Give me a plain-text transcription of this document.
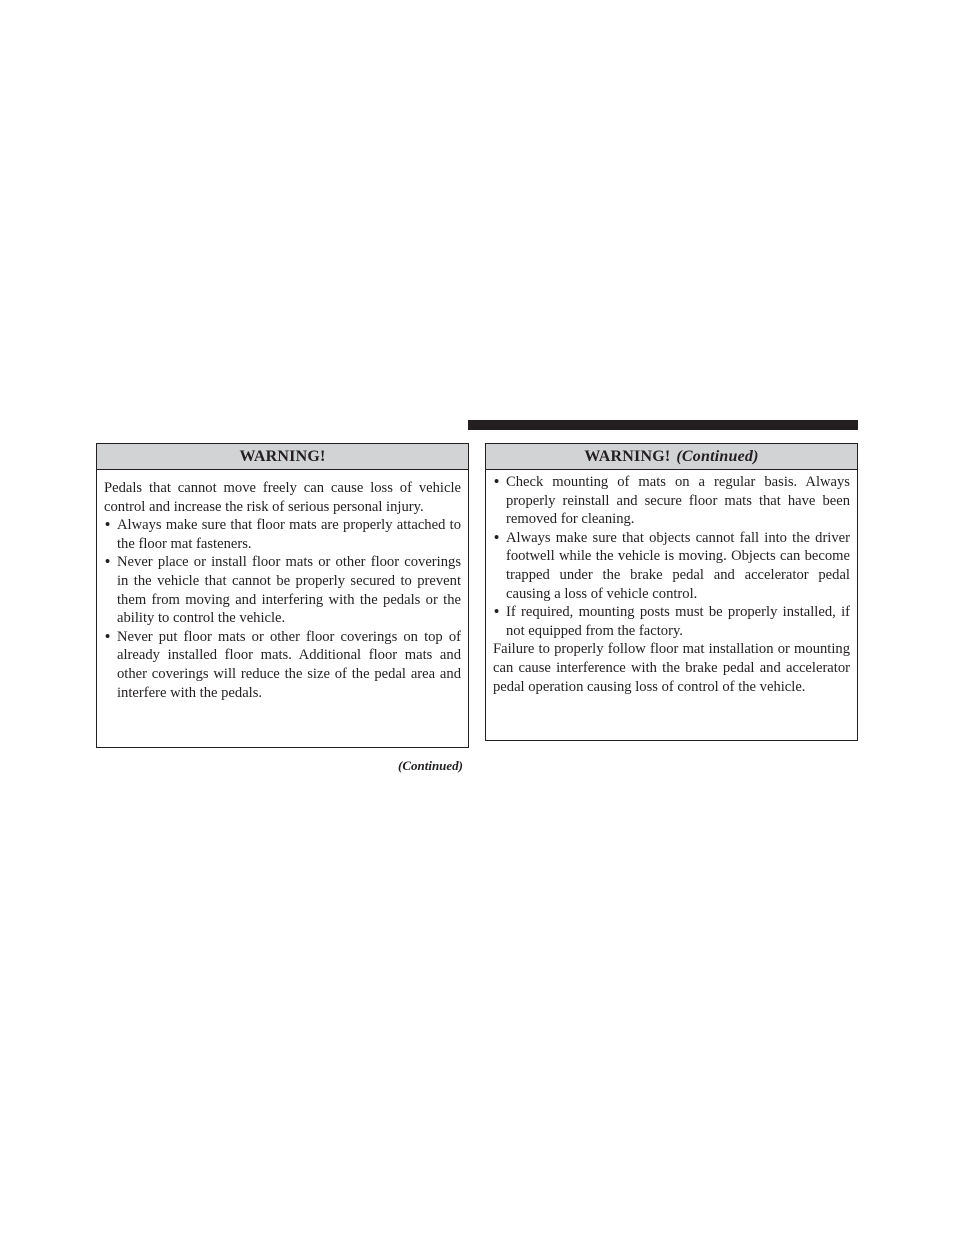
WARNING!

Pedals that cannot move freely can cause loss of vehicle control and increase the risk of serious personal injury.

• Always make sure that floor mats are properly attached to the floor mat fasteners.
• Never place or install floor mats or other floor coverings in the vehicle that cannot be properly secured to prevent them from moving and interfering with the pedals or the ability to control the vehicle.
• Never put floor mats or other floor coverings on top of already installed floor mats. Additional floor mats and other coverings will reduce the size of the pedal area and interfere with the pedals.
(Continued)
WARNING! (Continued)
• Check mounting of mats on a regular basis. Always properly reinstall and secure floor mats that have been removed for cleaning.
• Always make sure that objects cannot fall into the driver footwell while the vehicle is moving. Objects can become trapped under the brake pedal and accelerator pedal causing a loss of vehicle control.
• If required, mounting posts must be properly installed, if not equipped from the factory.

Failure to properly follow floor mat installation or mounting can cause interference with the brake pedal and accelerator pedal operation causing loss of control of the vehicle.
